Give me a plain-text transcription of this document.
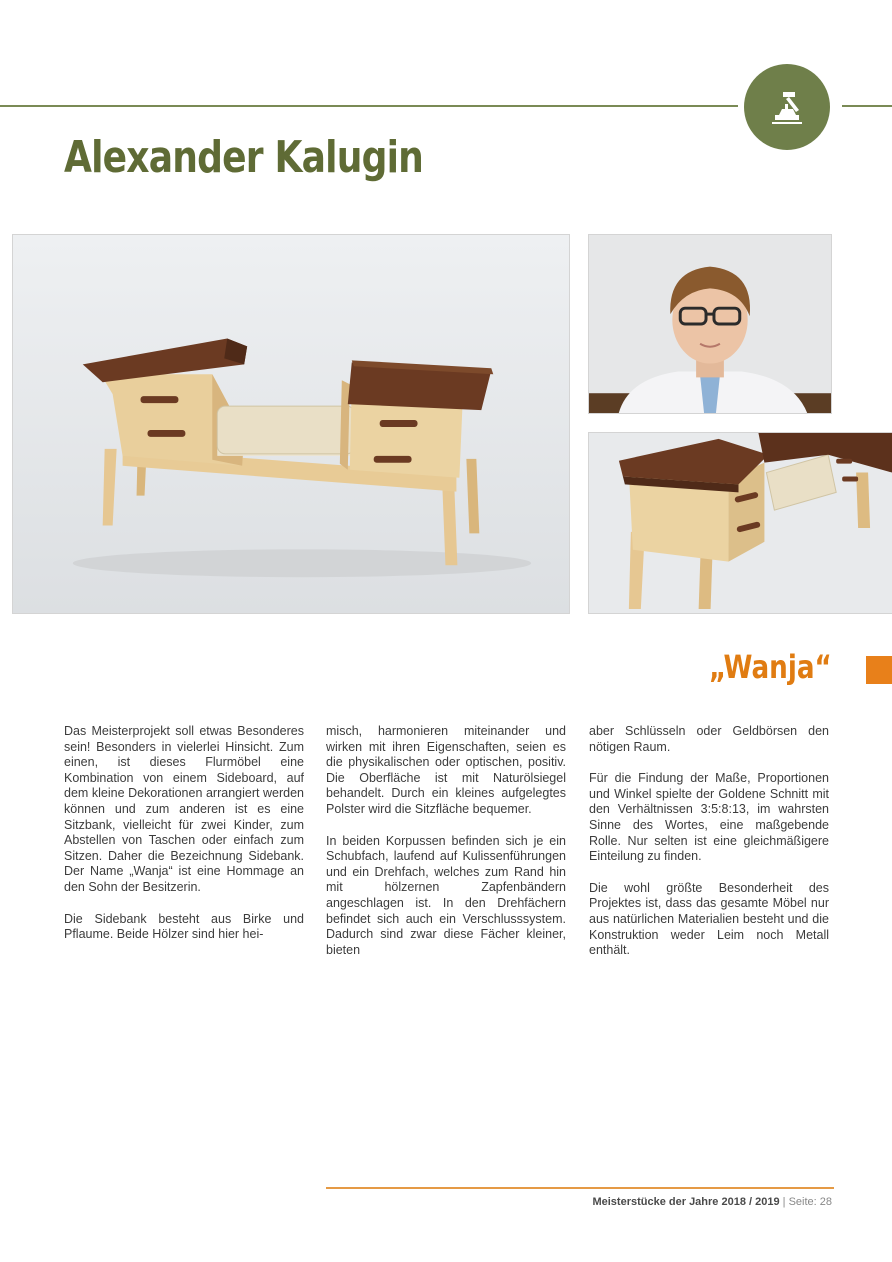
Alexander Kalugin
„Wanja“

Das Meisterprojekt soll etwas Besonderes sein! Besonders in vielerlei Hinsicht. Zum einen, ist dieses Flurmöbel eine Kombination von einem Sideboard, auf dem kleine Dekorationen arrangiert werden können und zum anderen ist es eine Sitzbank, vielleicht für zwei Kinder, zum Abstellen von Taschen oder einfach zum Sitzen. Daher die Bezeichnung Sidebank. Der Name „Wanja“ ist eine Hommage an den Sohn der Besitzerin.

Die Sidebank besteht aus Birke und Pflaume. Beide Hölzer sind hier hei-

misch, harmonieren miteinander und wirken mit ihren Eigenschaften, seien es die physikalischen oder optischen, positiv. Die Oberfläche ist mit Naturölsiegel behandelt. Durch ein kleines aufgelegtes Polster wird die Sitzfläche bequemer.

In beiden Korpussen befinden sich je ein Schubfach, laufend auf Kulissenführungen und ein Drehfach, welches zum Rand hin mit hölzernen Zapfenbändern angeschlagen ist. In den Drehfächern befindet sich auch ein Verschlusssystem. Dadurch sind zwar diese Fächer kleiner, bieten

aber Schlüsseln oder Geldbörsen den nötigen Raum.

Für die Findung der Maße, Proportionen und Winkel spielte der Goldene Schnitt mit den Verhältnissen 3:5:8:13, im wahrsten Sinne des Wortes, eine maßgebende Rolle. Nur selten ist eine gleichmäßigere Einteilung zu finden.

Die wohl größte Besonderheit des Projektes ist, dass das gesamte Möbel nur aus natürlichen Materialien besteht und die Konstruktion weder Leim noch Metall enthält.

Meisterstücke der Jahre 2018 / 2019 | Seite: 28
